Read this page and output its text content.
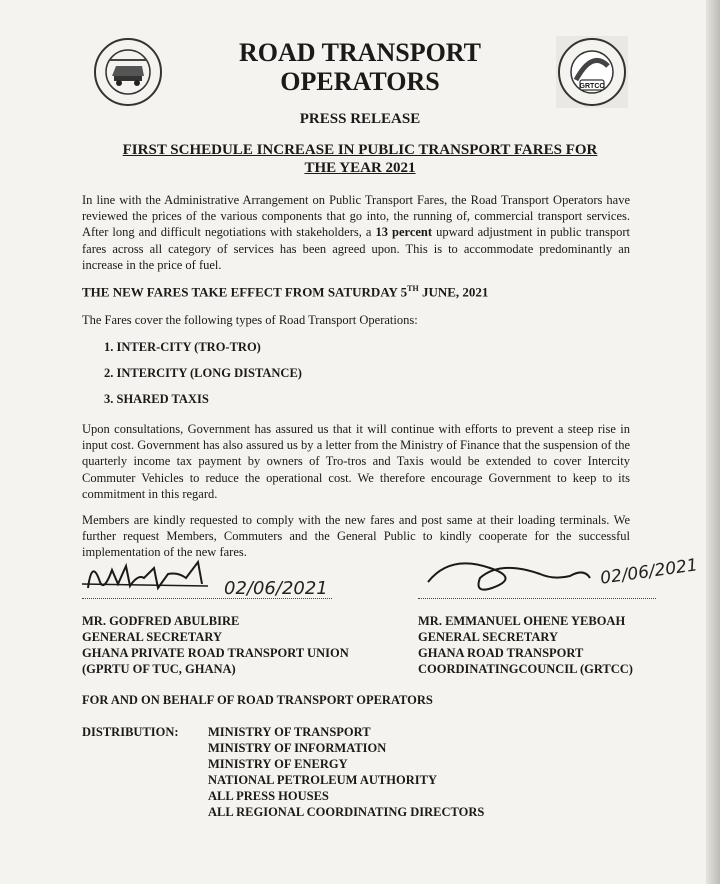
GRTCC
ROAD TRANSPORT
OPERATORS
PRESS RELEASE
FIRST SCHEDULE INCREASE IN PUBLIC TRANSPORT FARES FOR
THE YEAR 2021
In line with the Administrative Arrangement on Public Transport Fares, the Road Transport Operators have reviewed the prices of the various components that go into, the running of, commercial transport services. After long and difficult negotiations with stakeholders, a 13 percent upward adjustment in public transport fares across all category of services has been agreed upon. This is to accommodate predominantly an increase in the price of fuel.
THE NEW FARES TAKE EFFECT FROM SATURDAY 5TH JUNE, 2021
The Fares cover the following types of Road Transport Operations:
1. INTER-CITY (TRO-TRO)
2. INTERCITY (LONG DISTANCE)
3. SHARED TAXIS
Upon consultations, Government has assured us that it will continue with efforts to prevent a steep rise in input cost. Government has also assured us by a letter from the Ministry of Finance that the suspension of the quarterly income tax payment by owners of Tro-tros and Taxis would be extended to cover Intercity Commuter Vehicles to reduce the operational cost. We therefore encourage Government to keep to its commitment in this regard.
Members are kindly requested to comply with the new fares and post same at their loading terminals. We further request Members, Commuters and the General Public to kindly cooperate for the successful implementation of the new fares.
02/06/2021	02/06/2021
MR. GODFRED ABULBIRE
GENERAL SECRETARY
GHANA PRIVATE ROAD TRANSPORT UNION
(GPRTU OF TUC, GHANA)
MR. EMMANUEL OHENE YEBOAH
GENERAL SECRETARY
GHANA ROAD TRANSPORT
COORDINATINGCOUNCIL (GRTCC)
FOR AND ON BEHALF OF ROAD TRANSPORT OPERATORS
DISTRIBUTION: MINISTRY OF TRANSPORT
MINISTRY OF INFORMATION
MINISTRY OF ENERGY
NATIONAL PETROLEUM AUTHORITY
ALL PRESS HOUSES
ALL REGIONAL COORDINATING DIRECTORS
